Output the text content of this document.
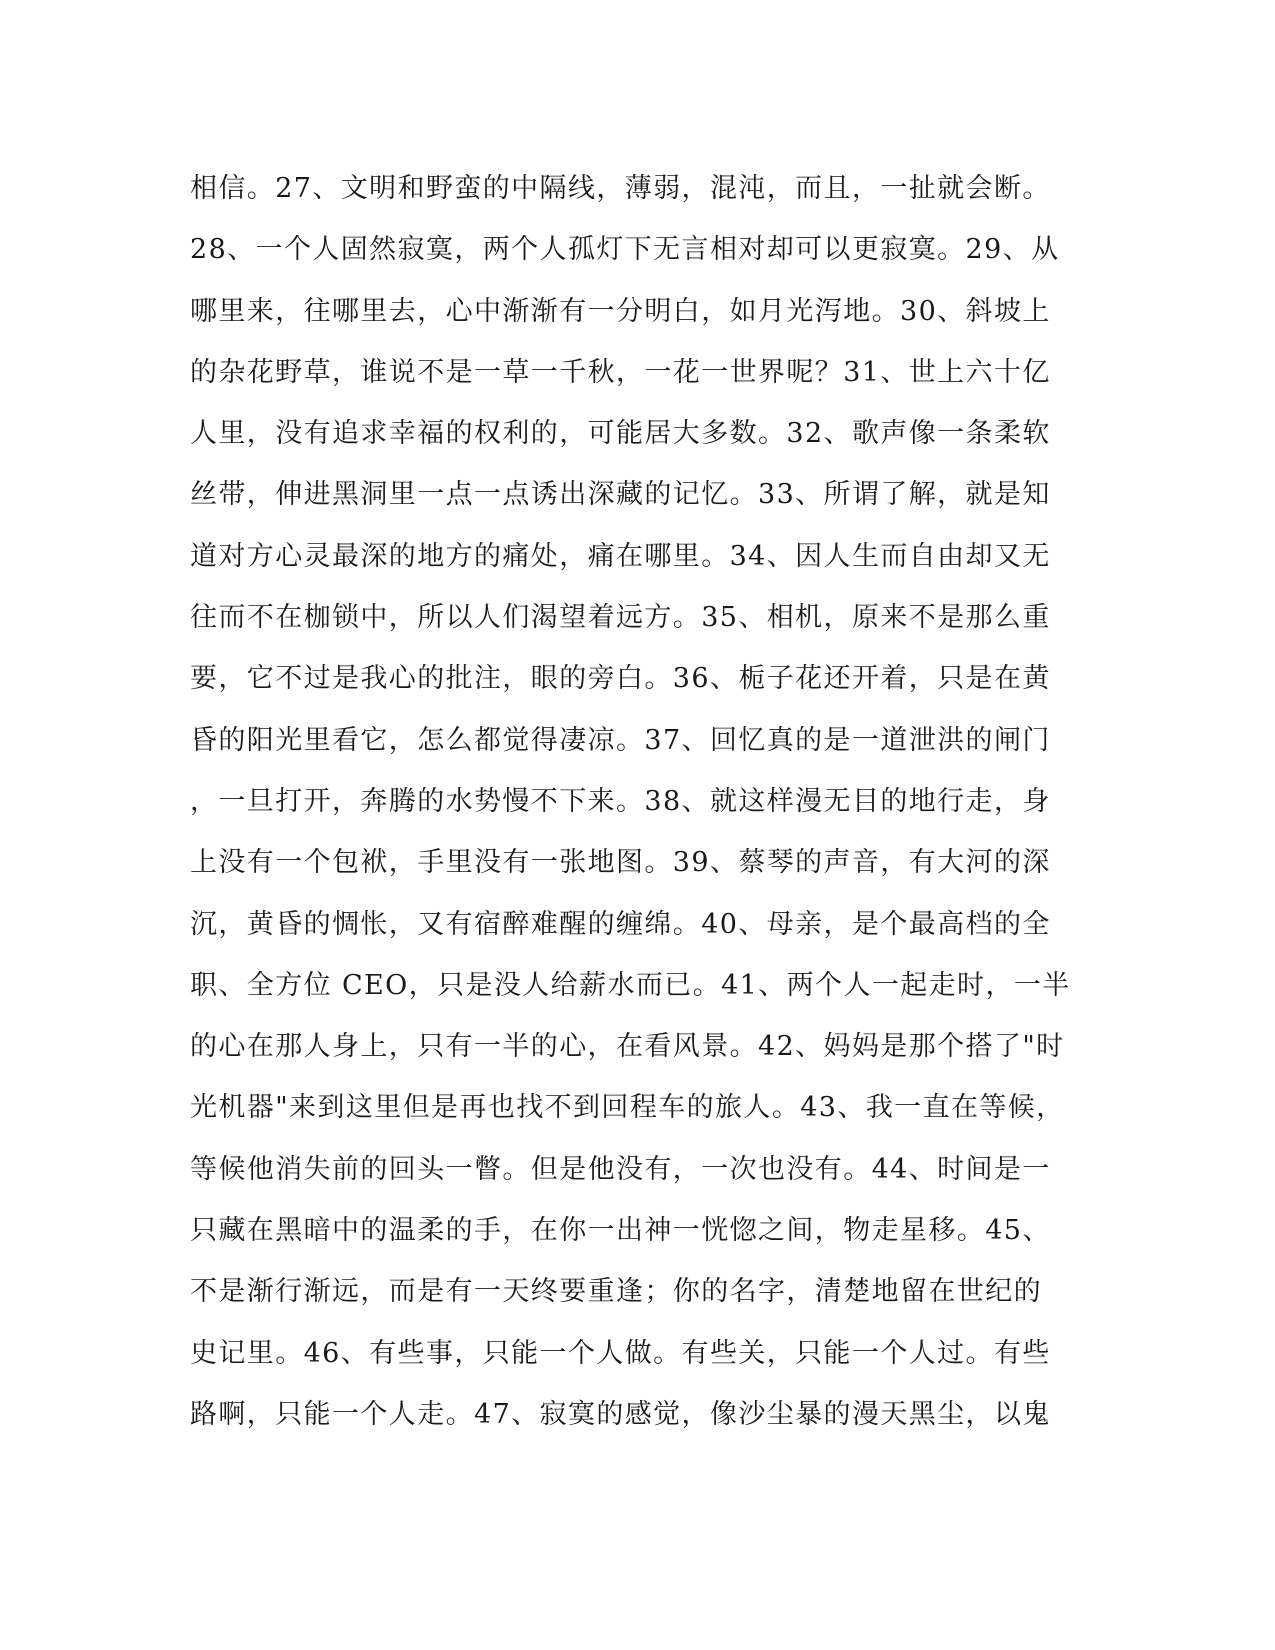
相信。27、文明和野蛮的中隔线，薄弱，混沌，而且，一扯就会断。
28、一个人固然寂寞，两个人孤灯下无言相对却可以更寂寞。29、从
哪里来，往哪里去，心中渐渐有一分明白，如月光泻地。30、斜坡上
的杂花野草，谁说不是一草一千秋，一花一世界呢？31、世上六十亿
人里，没有追求幸福的权利的，可能居大多数。32、歌声像一条柔软
丝带，伸进黑洞里一点一点诱出深藏的记忆。33、所谓了解，就是知
道对方心灵最深的地方的痛处，痛在哪里。34、因人生而自由却又无
往而不在枷锁中，所以人们渴望着远方。35、相机，原来不是那么重
要，它不过是我心的批注，眼的旁白。36、栀子花还开着，只是在黄
昏的阳光里看它，怎么都觉得凄凉。37、回忆真的是一道泄洪的闸门
，一旦打开，奔腾的水势慢不下来。38、就这样漫无目的地行走，身
上没有一个包袱，手里没有一张地图。39、蔡琴的声音，有大河的深
沉，黄昏的惆怅，又有宿醉难醒的缠绵。40、母亲，是个最高档的全
职、全方位 CEO，只是没人给薪水而已。41、两个人一起走时，一半
的心在那人身上，只有一半的心，在看风景。42、妈妈是那个搭了"时
光机器"来到这里但是再也找不到回程车的旅人。43、我一直在等候，
等候他消失前的回头一瞥。但是他没有，一次也没有。44、时间是一
只藏在黑暗中的温柔的手，在你一出神一恍惚之间，物走星移。45、
不是渐行渐远，而是有一天终要重逢；你的名字，清楚地留在世纪的
史记里。46、有些事，只能一个人做。有些关，只能一个人过。有些
路啊，只能一个人走。47、寂寞的感觉，像沙尘暴的漫天黑尘，以鬼
